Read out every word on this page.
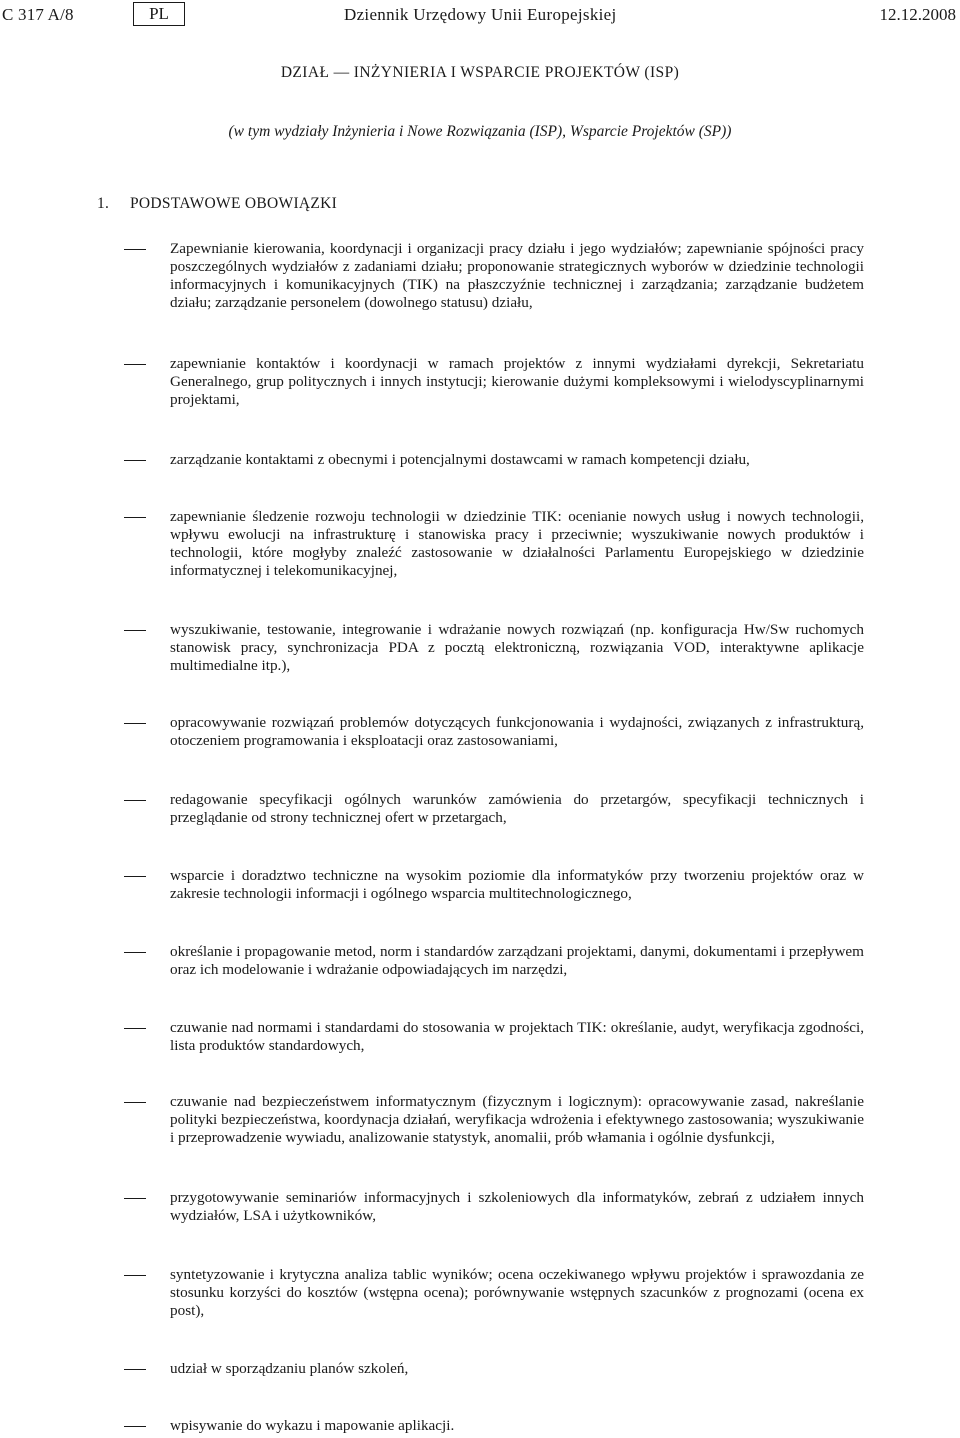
C 317 A/8	PL	Dziennik Urzędowy Unii Europejskiej	12.12.2008
DZIAŁ — INŻYNIERIA I WSPARCIE PROJEKTÓW (ISP)
(w tym wydziały Inżynieria i Nowe Rozwiązania (ISP), Wsparcie Projektów (SP))
1. PODSTAWOWE OBOWIĄZKI
Zapewnianie kierowania, koordynacji i organizacji pracy działu i jego wydziałów; zapewnianie spójności pracy poszczególnych wydziałów z zadaniami działu; proponowanie strategicznych wyborów w dziedzinie technologii informacyjnych i komunikacyjnych (TIK) na płaszczyźnie technicznej i zarządzania; zarządzanie budżetem działu; zarządzanie personelem (dowolnego statusu) działu,
zapewnianie kontaktów i koordynacji w ramach projektów z innymi wydziałami dyrekcji, Sekretariatu Generalnego, grup politycznych i innych instytucji; kierowanie dużymi kompleksowymi i wielodyscyplinarnymi projektami,
zarządzanie kontaktami z obecnymi i potencjalnymi dostawcami w ramach kompetencji działu,
zapewnianie śledzenie rozwoju technologii w dziedzinie TIK: ocenianie nowych usług i nowych technologii, wpływu ewolucji na infrastrukturę i stanowiska pracy i przeciwnie; wyszukiwanie nowych produktów i technologii, które mogłyby znaleźć zastosowanie w działalności Parlamentu Europejskiego w dziedzinie informatycznej i telekomunikacyjnej,
wyszukiwanie, testowanie, integrowanie i wdrażanie nowych rozwiązań (np. konfiguracja Hw/Sw ruchomych stanowisk pracy, synchronizacja PDA z pocztą elektroniczną, rozwiązania VOD, interaktywne aplikacje multimedialne itp.),
opracowywanie rozwiązań problemów dotyczących funkcjonowania i wydajności, związanych z infrastrukturą, otoczeniem programowania i eksploatacji oraz zastosowaniami,
redagowanie specyfikacji ogólnych warunków zamówienia do przetargów, specyfikacji technicznych i przeglądanie od strony technicznej ofert w przetargach,
wsparcie i doradztwo techniczne na wysokim poziomie dla informatyków przy tworzeniu projektów oraz w zakresie technologii informacji i ogólnego wsparcia multitechnologicznego,
określanie i propagowanie metod, norm i standardów zarządzani projektami, danymi, dokumentami i przepływem oraz ich modelowanie i wdrażanie odpowiadających im narzędzi,
czuwanie nad normami i standardami do stosowania w projektach TIK: określanie, audyt, weryfikacja zgodności, lista produktów standardowych,
czuwanie nad bezpieczeństwem informatycznym (fizycznym i logicznym): opracowywanie zasad, nakreślanie polityki bezpieczeństwa, koordynacja działań, weryfikacja wdrożenia i efektywnego zastosowania; wyszukiwanie i przeprowadzenie wywiadu, analizowanie statystyk, anomalii, prób włamania i ogólnie dysfunkcji,
przygotowywanie seminariów informacyjnych i szkoleniowych dla informatyków, zebrań z udziałem innych wydziałów, LSA i użytkowników,
syntetyzowanie i krytyczna analiza tablic wyników; ocena oczekiwanego wpływu projektów i sprawozdania ze stosunku korzyści do kosztów (wstępna ocena); porównywanie wstępnych szacunków z prognozami (ocena ex post),
udział w sporządzaniu planów szkoleń,
wpisywanie do wykazu i mapowanie aplikacji.
